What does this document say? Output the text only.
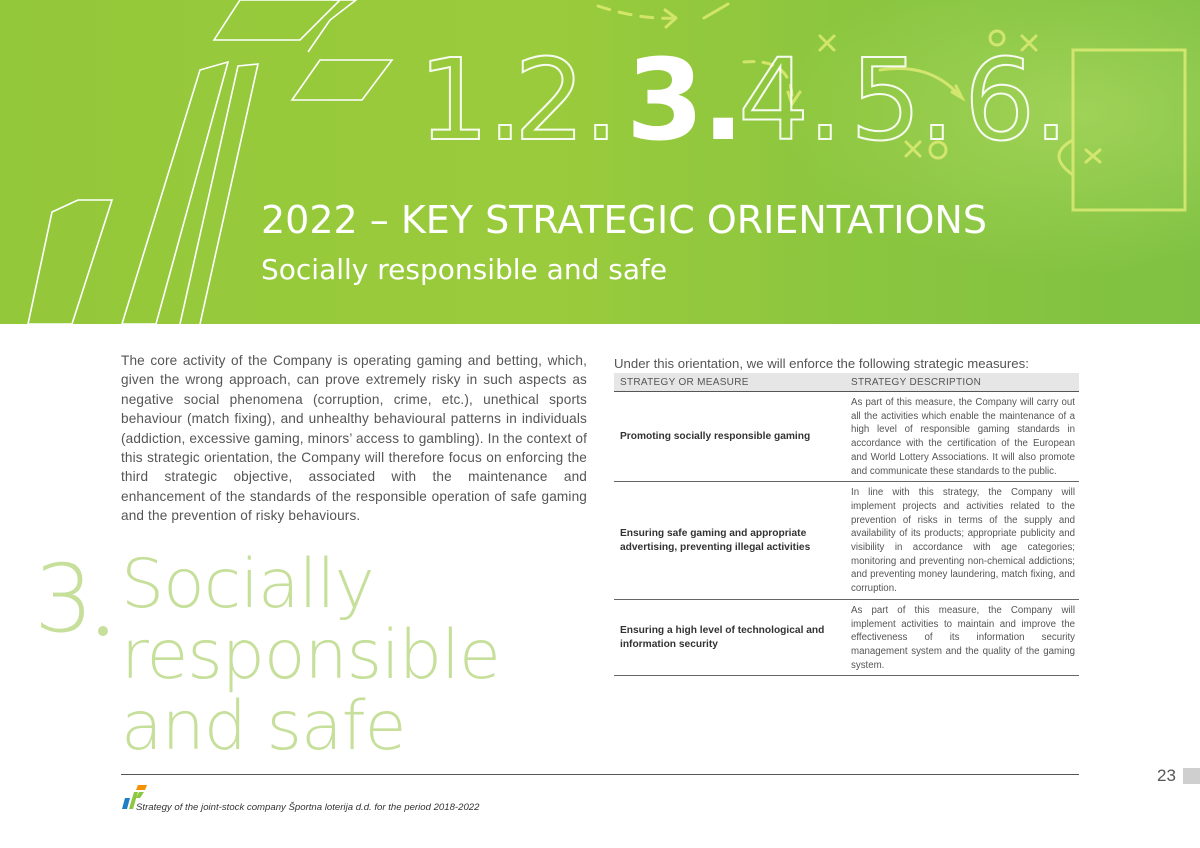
1.
2. 3.
4. 5. 6.
2022 – KEY STRATEGIC ORIENTATIONS
Socially responsible and safe

The core activity of the Company is operating gaming and betting, which, given the wrong approach, can prove extremely risky in such aspects as negative social phenomena (corruption, crime, etc.), unethical sports behaviour (match fixing), and unhealthy behavioural patterns in individuals (addiction, excessive gaming, minors’ access to gambling). In the context of this strategic orientation, the Company will therefore focus on enforcing the third strategic objective, associated with the maintenance and enhancement of the standards of the responsible operation of safe gaming and the prevention of risky behaviours.

3 Socially
responsible
and safe
Under this orientation, we will enforce the following strategic measures:
STRATEGY OR MEASURE	STRATEGY DESCRIPTION
Promoting socially responsible gaming
As part of this measure, the Company will carry out all the activities which enable the maintenance of a high level of responsible gaming standards in accordance with the certification of the European and World Lottery Associations. It will also promote and communicate these standards to the public.
Ensuring safe gaming and appropriate advertising, preventing illegal activities
In line with this strategy, the Company will implement projects and activities related to the prevention of risks in terms of the supply and availability of its products; appropriate publicity and visibility in accordance with age categories; monitoring and preventing non-chemical addictions; and preventing money laundering, match fixing, and corruption.
Ensuring a high level of technological and information security
As part of this measure, the Company will implement activities to maintain and improve the effectiveness of its information security management system and the quality of the gaming system.
23
Strategy of the joint-stock company Športna loterija d.d. for the period 2018-2022
